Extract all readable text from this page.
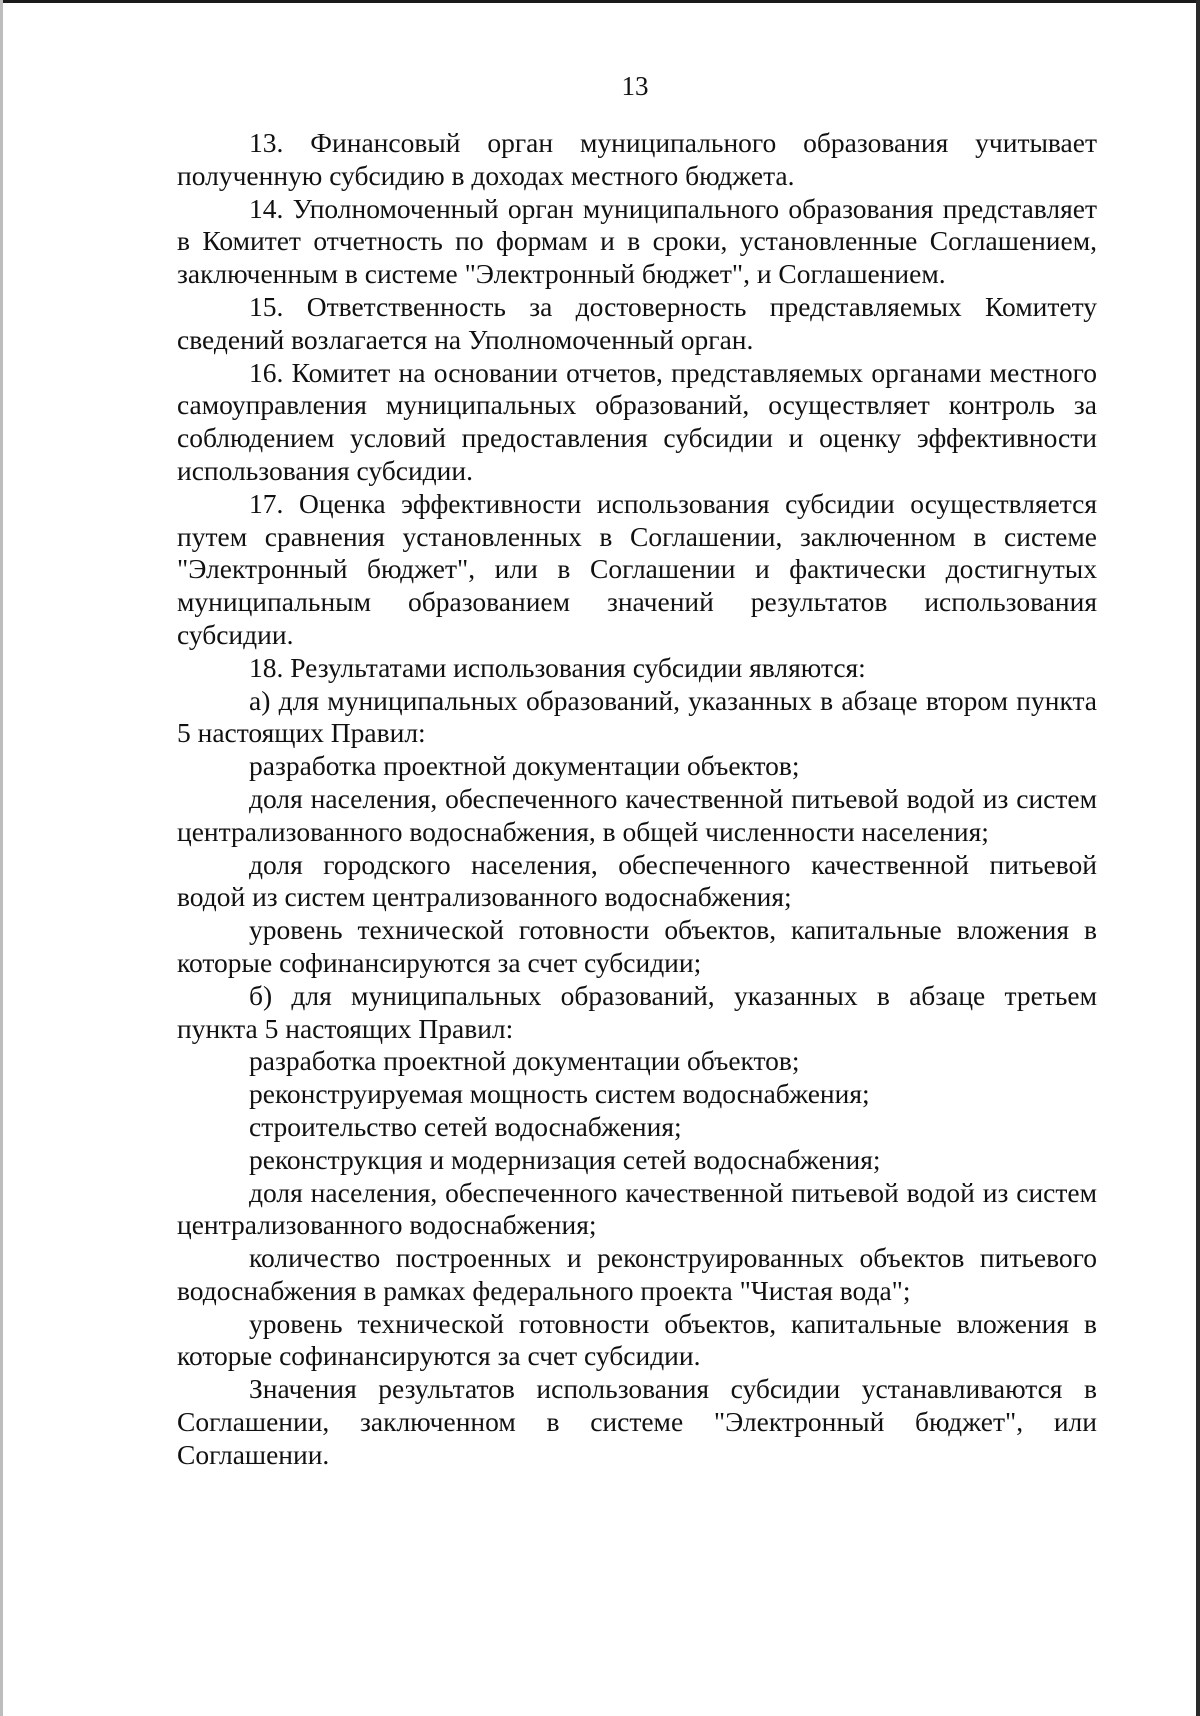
13

13. Финансовый орган муниципального образования учитывает полученную субсидию в доходах местного бюджета.

14. Уполномоченный орган муниципального образования представляет в Комитет отчетность по формам и в сроки, установленные Соглашением, заключенным в системе "Электронный бюджет", и Соглашением.

15. Ответственность за достоверность представляемых Комитету сведений возлагается на Уполномоченный орган.

16. Комитет на основании отчетов, представляемых органами местного самоуправления муниципальных образований, осуществляет контроль за соблюдением условий предоставления субсидии и оценку эффективности использования субсидии.

17. Оценка эффективности использования субсидии осуществляется путем сравнения установленных в Соглашении, заключенном в системе "Электронный бюджет", или в Соглашении и фактически достигнутых муниципальным образованием значений результатов использования субсидии.

18. Результатами использования субсидии являются:

а) для муниципальных образований, указанных в абзаце втором пункта 5 настоящих Правил:

разработка проектной документации объектов;

доля населения, обеспеченного качественной питьевой водой из систем централизованного водоснабжения, в общей численности населения;

доля городского населения, обеспеченного качественной питьевой водой из систем централизованного водоснабжения;

уровень технической готовности объектов, капитальные вложения в которые софинансируются за счет субсидии;

б) для муниципальных образований, указанных в абзаце третьем пункта 5 настоящих Правил:

разработка проектной документации объектов;

реконструируемая мощность систем водоснабжения;

строительство сетей водоснабжения;

реконструкция и модернизация сетей водоснабжения;

доля населения, обеспеченного качественной питьевой водой из систем централизованного водоснабжения;

количество построенных и реконструированных объектов питьевого водоснабжения в рамках федерального проекта "Чистая вода";

уровень технической готовности объектов, капитальные вложения в которые софинансируются за счет субсидии.

Значения результатов использования субсидии устанавливаются в Соглашении, заключенном в системе "Электронный бюджет", или Соглашении.
